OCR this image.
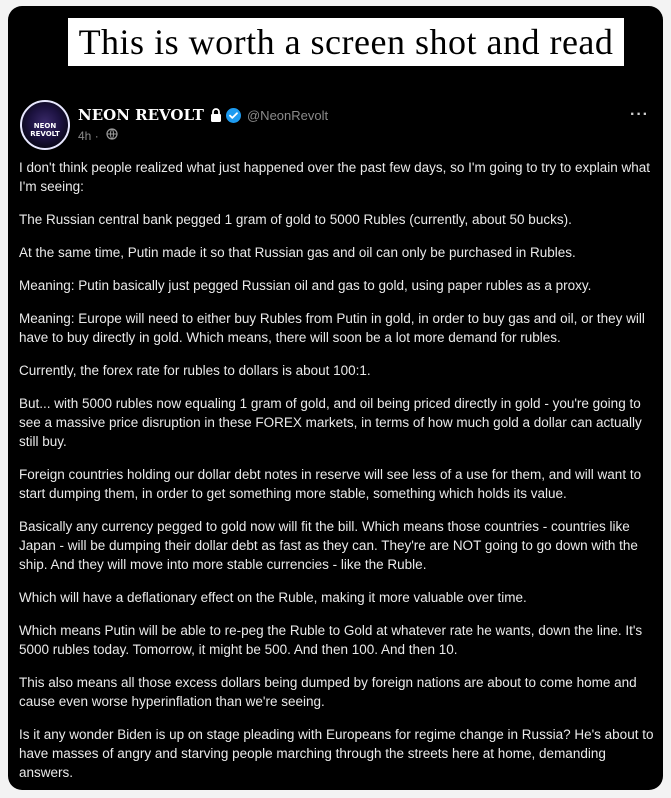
This is worth a screen shot and read
NEON REVOLT
NEON REVOLT	@NeonRevolt
4h ·
···

I don't think people realized what just happened over the past few days, so I'm going to try to explain what I'm seeing:

The Russian central bank pegged 1 gram of gold to 5000 Rubles (currently, about 50 bucks).

At the same time, Putin made it so that Russian gas and oil can only be purchased in Rubles.

Meaning: Putin basically just pegged Russian oil and gas to gold, using paper rubles as a proxy.

Meaning: Europe will need to either buy Rubles from Putin in gold, in order to buy gas and oil, or they will have to buy directly in gold. Which means, there will soon be a lot more demand for rubles.

Currently, the forex rate for rubles to dollars is about 100:1.

But... with 5000 rubles now equaling 1 gram of gold, and oil being priced directly in gold - you're going to see a massive price disruption in these FOREX markets, in terms of how much gold a dollar can actually still buy.

Foreign countries holding our dollar debt notes in reserve will see less of a use for them, and will want to start dumping them, in order to get something more stable, something which holds its value.

Basically any currency pegged to gold now will fit the bill. Which means those countries - countries like Japan - will be dumping their dollar debt as fast as they can. They're are NOT going to go down with the ship. And they will move into more stable currencies - like the Ruble.

Which will have a deflationary effect on the Ruble, making it more valuable over time.

Which means Putin will be able to re-peg the Ruble to Gold at whatever rate he wants, down the line. It's 5000 rubles today. Tomorrow, it might be 500. And then 100. And then 10.

This also means all those excess dollars being dumped by foreign nations are about to come home and cause even worse hyperinflation than we're seeing.

Is it any wonder Biden is up on stage pleading with Europeans for regime change in Russia? He's about to have masses of angry and starving people marching through the streets here at home, demanding answers.
